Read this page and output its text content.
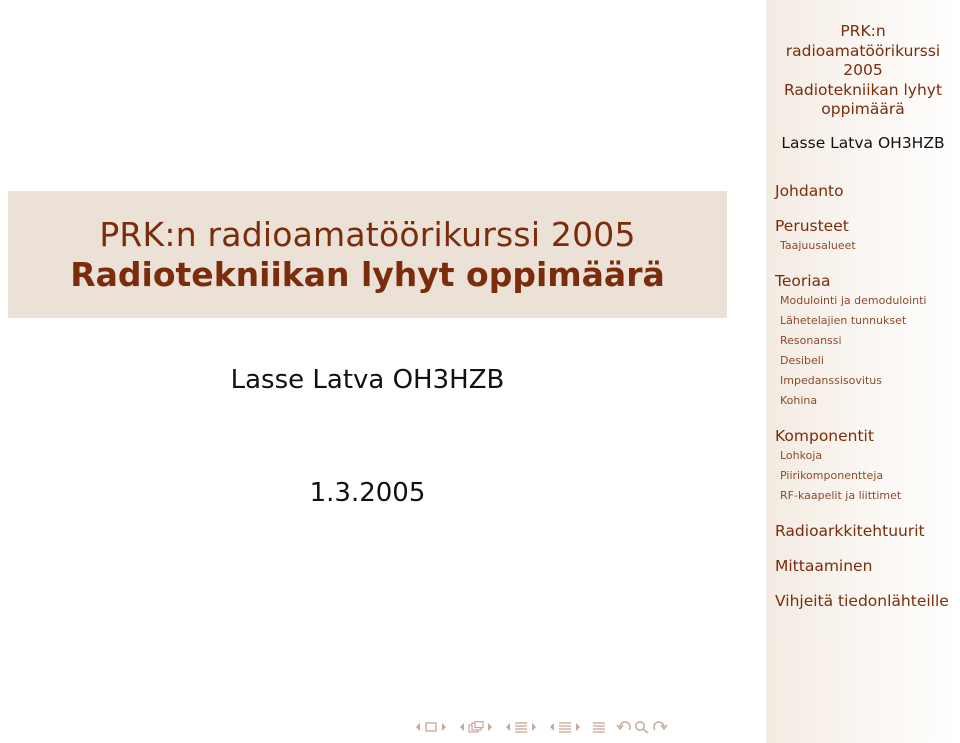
PRK:n radioamatöörikurssi 2005
Radiotekniikan lyhyt oppimäärä
Lasse Latva OH3HZB
1.3.2005
PRK:n
radioamatöörikurssi
2005
Radiotekniikan lyhyt
oppimäärä
Lasse Latva OH3HZB
Johdanto
Perusteet
Taajuusalueet
Teoriaa
Modulointi ja demodulointi
Lähetelajien tunnukset
Resonanssi
Desibeli
Impedanssisovitus
Kohina
Komponentit
Lohkoja
Piirikomponentteja
RF-kaapelit ja liittimet
Radioarkkitehtuurit
Mittaaminen
Vihjeitä tiedonlähteille
